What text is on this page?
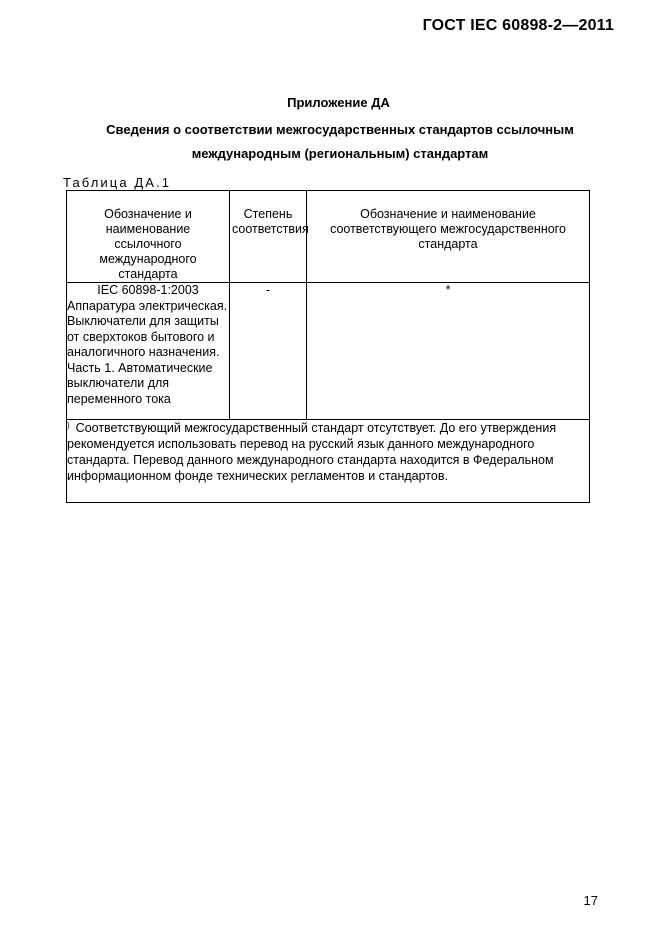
ГОСТ IEC 60898-2—2011
Приложение ДА
Сведения о соответствии межгосударственных стандартов ссылочным международным (региональным) стандартам
Таблица ДА.1
Обозначение и наименование ссылочного международного стандарта	Степень соответствия	Обозначение и наименование соответствующего межгосударственного стандарта

IEC 60898-1:2003
Аппаратура электрическая. Выключатели для защиты от сверхтоков бытового и аналогичного назначения. Часть 1. Автоматические выключатели для переменного тока	-	*
) Соответствующий межгосударственный стандарт отсутствует. До его утверждения рекомендуется использовать перевод на русский язык данного международного стандарта. Перевод данного международного стандарта находится в Федеральном информационном фонде технических регламентов и стандартов.		
17
